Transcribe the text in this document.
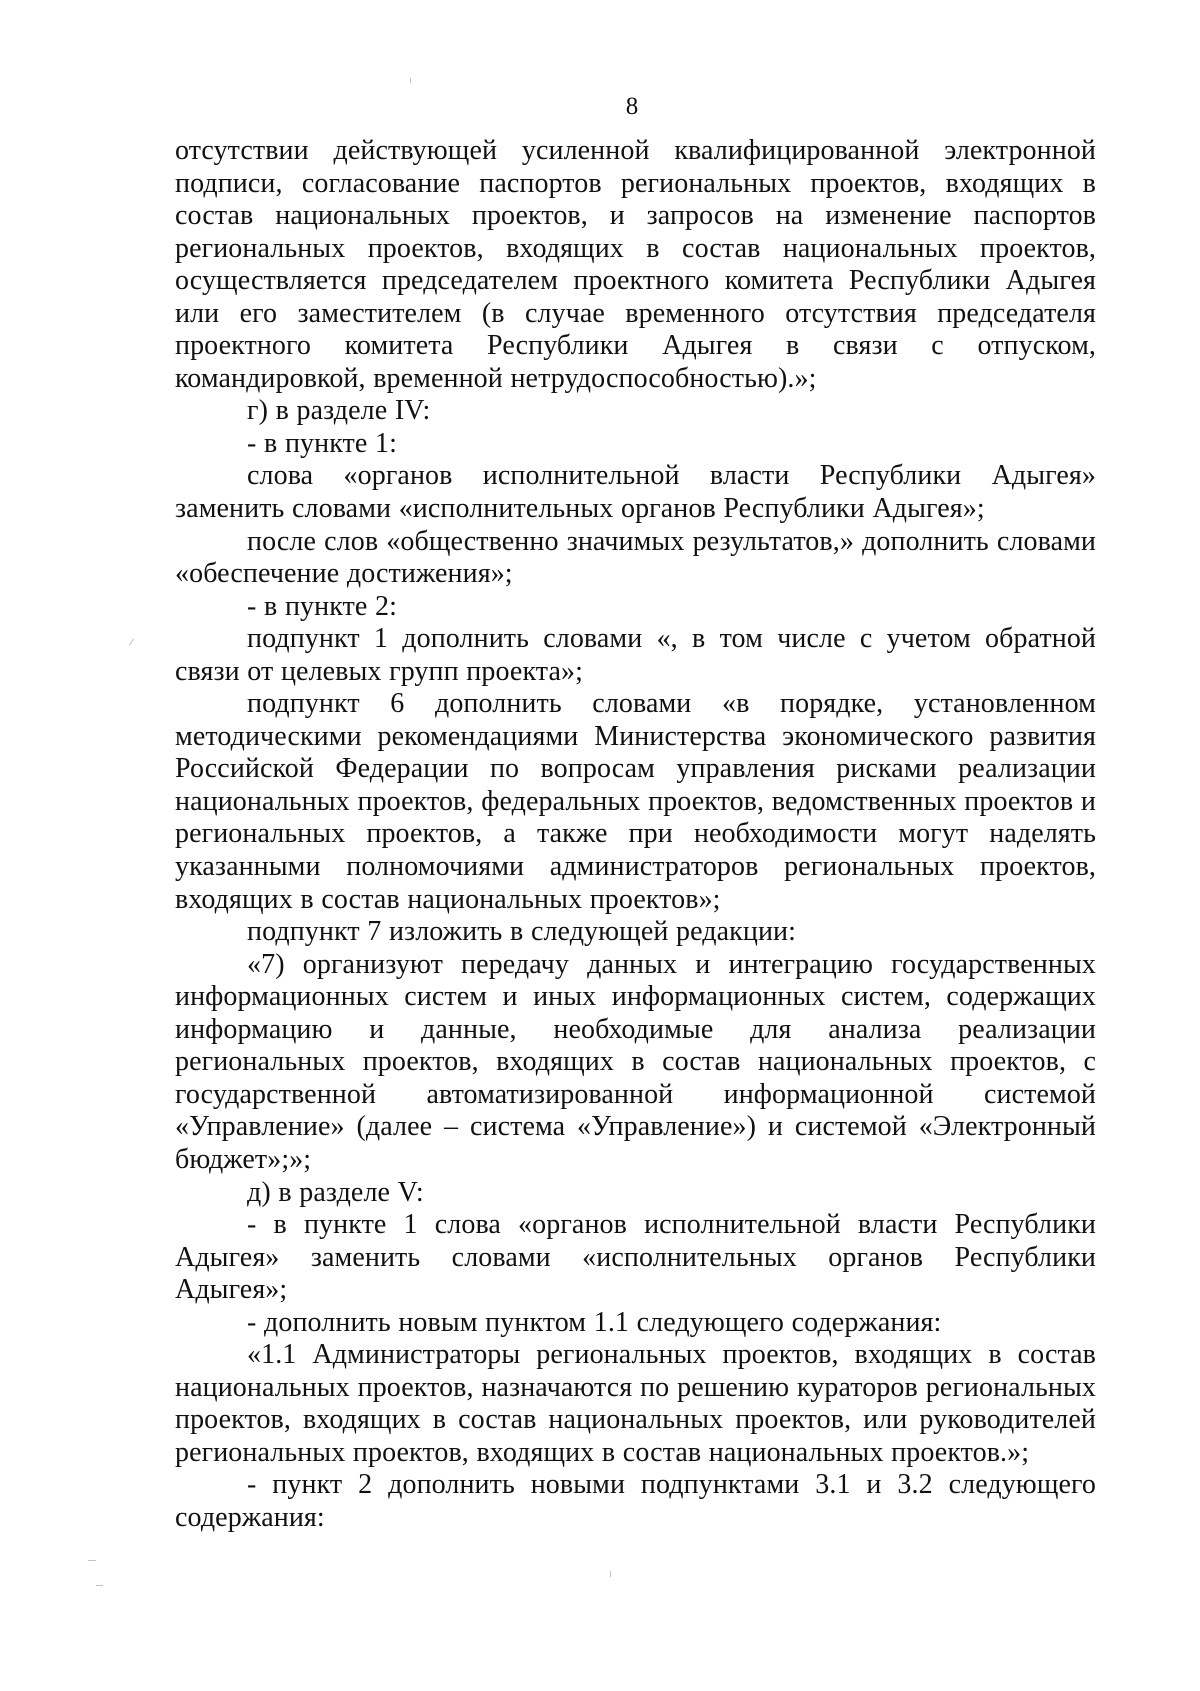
8

отсутствии действующей усиленной квалифицированной электронной подписи, согласование паспортов региональных проектов, входящих в состав национальных проектов, и запросов на изменение паспортов региональных проектов, входящих в состав национальных проектов, осуществляется председателем проектного комитета Республики Адыгея или его заместителем (в случае временного отсутствия председателя проектного комитета Республики Адыгея в связи с отпуском, командировкой, временной нетрудоспособностью).»;

г) в разделе IV:

- в пункте 1:

слова «органов исполнительной власти Республики Адыгея» заменить словами «исполнительных органов Республики Адыгея»;

после слов «общественно значимых результатов,» дополнить словами «обеспечение достижения»;

- в пункте 2:

подпункт 1 дополнить словами «, в том числе с учетом обратной связи от целевых групп проекта»;

подпункт 6 дополнить словами «в порядке, установленном методическими рекомендациями Министерства экономического развития Российской Федерации по вопросам управления рисками реализации национальных проектов, федеральных проектов, ведомственных проектов и региональных проектов, а также при необходимости могут наделять указанными полномочиями администраторов региональных проектов, входящих в состав национальных проектов»;

подпункт 7 изложить в следующей редакции:

«7) организуют передачу данных и интеграцию государственных информационных систем и иных информационных систем, содержащих информацию и данные, необходимые для анализа реализации региональных проектов, входящих в состав национальных проектов, с государственной автоматизированной информационной системой «Управление» (далее – система «Управление») и системой «Электронный бюджет»;»;

д) в разделе V:

- в пункте 1 слова «органов исполнительной власти Республики Адыгея» заменить словами «исполнительных органов Республики Адыгея»;

- дополнить новым пунктом 1.1 следующего содержания:

«1.1 Администраторы региональных проектов, входящих в состав национальных проектов, назначаются по решению кураторов региональных проектов, входящих в состав национальных проектов, или руководителей региональных проектов, входящих в состав национальных проектов.»;

- пункт 2 дополнить новыми подпунктами 3.1 и 3.2 следующего содержания:
